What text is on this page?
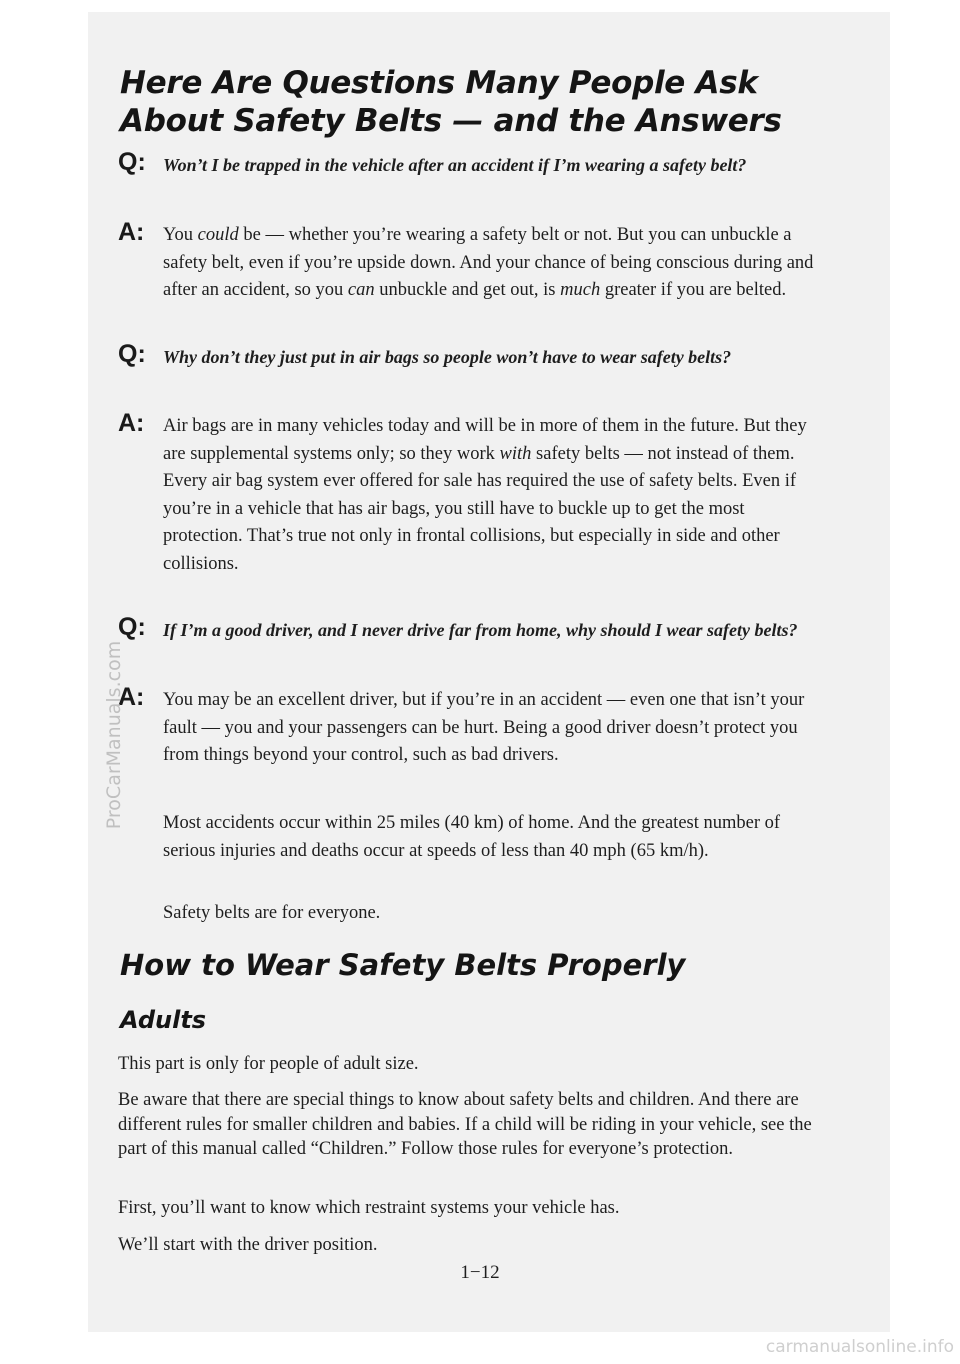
Here Are Questions Many People Ask About Safety Belts — and the Answers
Q: Won’t I be trapped in the vehicle after an accident if I’m wearing a safety belt?
A: You could be — whether you’re wearing a safety belt or not. But you can unbuckle a safety belt, even if you’re upside down. And your chance of being conscious during and after an accident, so you can unbuckle and get out, is much greater if you are belted.
Q: Why don’t they just put in air bags so people won’t have to wear safety belts?
A: Air bags are in many vehicles today and will be in more of them in the future. But they are supplemental systems only; so they work with safety belts — not instead of them. Every air bag system ever offered for sale has required the use of safety belts. Even if you’re in a vehicle that has air bags, you still have to buckle up to get the most protection. That’s true not only in frontal collisions, but especially in side and other collisions.
Q: If I’m a good driver, and I never drive far from home, why should I wear safety belts?
A: You may be an excellent driver, but if you’re in an accident — even one that isn’t your fault — you and your passengers can be hurt. Being a good driver doesn’t protect you from things beyond your control, such as bad drivers.

Most accidents occur within 25 miles (40 km) of home. And the greatest number of serious injuries and deaths occur at speeds of less than 40 mph (65 km/h).

Safety belts are for everyone.

How to Wear Safety Belts Properly
Adults

This part is only for people of adult size.

Be aware that there are special things to know about safety belts and children. And there are different rules for smaller children and babies. If a child will be riding in your vehicle, see the part of this manual called “Children.” Follow those rules for everyone’s protection.

First, you’ll want to know which restraint systems your vehicle has.

We’ll start with the driver position.

1−12
ProCarManuals.com
carmanualsonline.info
